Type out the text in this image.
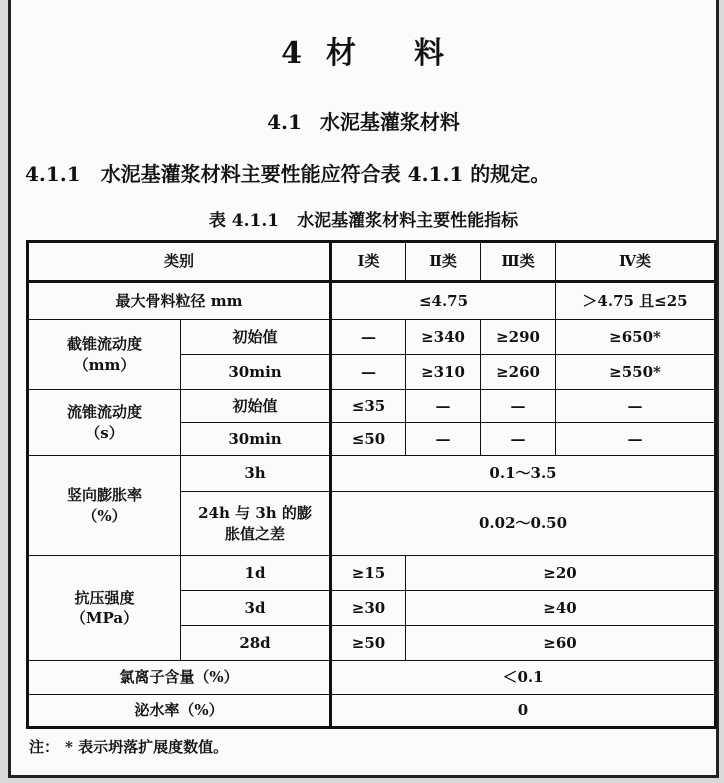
4 材 料
4.1 水泥基灌浆材料
4.1.1 水泥基灌浆材料主要性能应符合表 4.1.1 的规定。
表 4.1.1 水泥基灌浆材料主要性能指标
类别		Ⅰ类	Ⅱ类	Ⅲ类	Ⅳ类
最大骨料粒径 mm		≤4.75			＞4.75 且≤25

截锥流动度
（mm）	初始值	—	≥340	≥290	≥650*
	30min	—	≥310	≥260	≥550*

流锥流动度
（s）	初始值	≤35	—	—	—
	30min	≤50	—	—	—

竖向膨胀率
（%）	3h	0.1～3.5			

	24h 与 3h 的膨
胀值之差	0.02～0.50			

抗压强度
（MPa）	1d	≥15	≥20		
	3d	≥30	≥40		
	28d	≥50	≥60		
氯离子含量（%）		＜0.1			
泌水率（%）		0			
注： * 表示坍落扩展度数值。
